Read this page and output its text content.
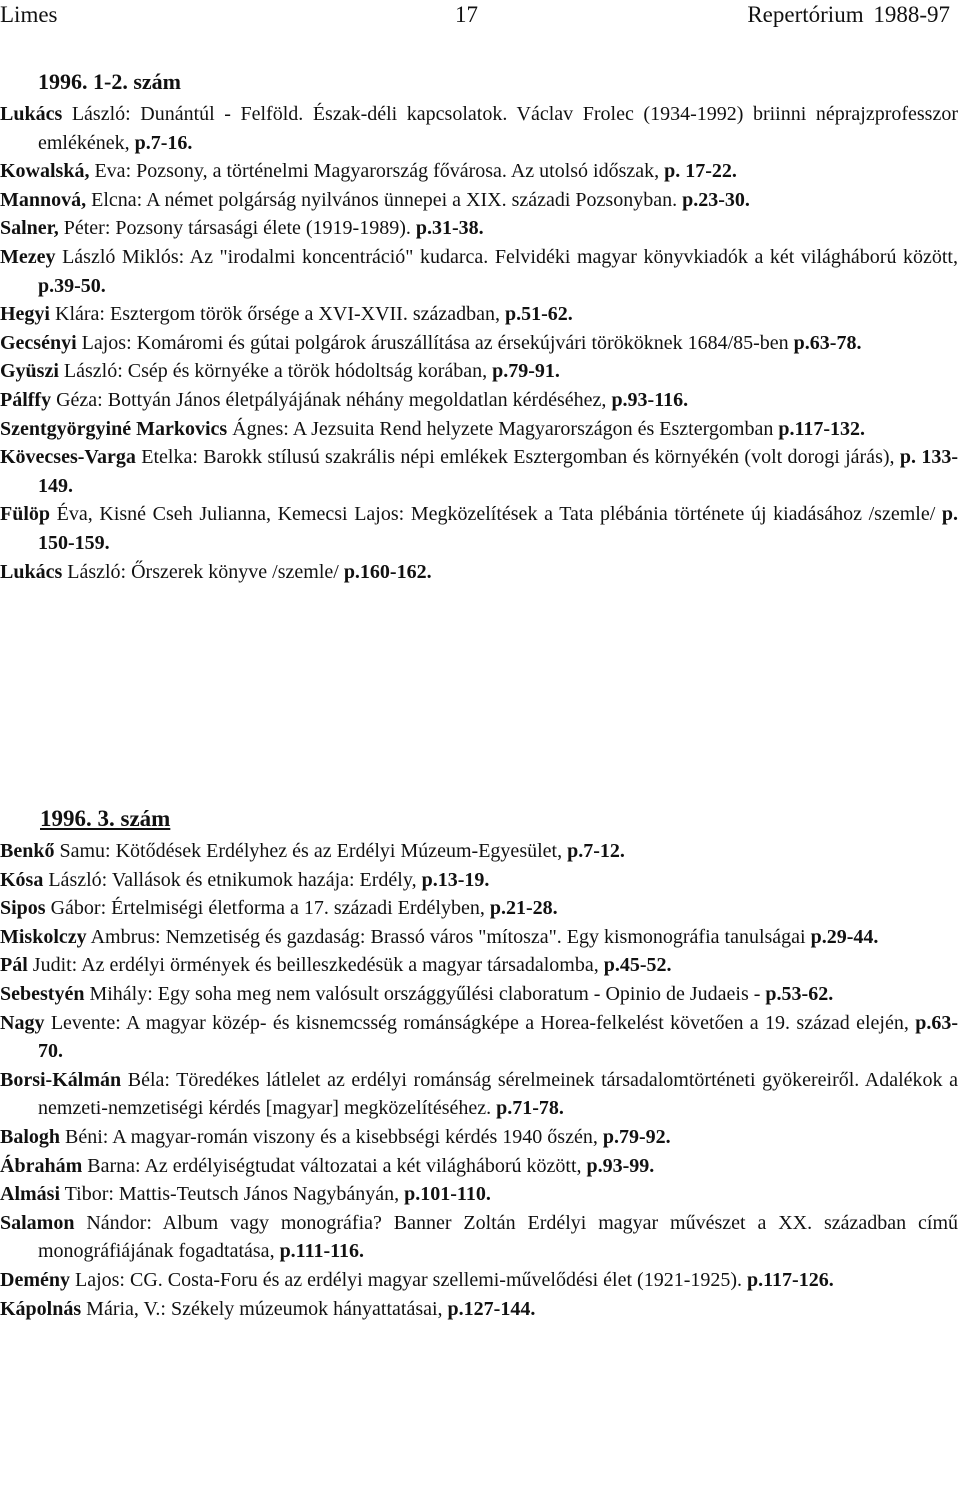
Limes	17	Repertórium 1988-97
1996. 1-2. szám

Lukács László: Dunántúl - Felföld. Észak-déli kapcsolatok. Václav Frolec (1934-1992) briinni néprajzprofesszor emlékének, p.7-16.

Kowalská, Eva: Pozsony, a történelmi Magyarország fővárosa. Az utolsó időszak, p. 17-22.

Mannová, Elcna: A német polgárság nyilvános ünnepei a XIX. századi Pozsonyban. p.23-30.

Salner, Péter: Pozsony társasági élete (1919-1989). p.31-38.

Mezey László Miklós: Az "irodalmi koncentráció" kudarca. Felvidéki magyar könyvkiadók a két világháború között, p.39-50.

Hegyi Klára: Esztergom török őrsége a XVI-XVII. században, p.51-62.

Gecsényi Lajos: Komáromi és gútai polgárok áruszállítása az érsekújvári törököknek 1684/85-ben p.63-78.

Gyüszi László: Csép és környéke a török hódoltság korában, p.79-91.

Pálffy Géza: Bottyán János életpályájának néhány megoldatlan kérdéséhez, p.93-116.

Szentgyörgyiné Markovics Ágnes: A Jezsuita Rend helyzete Magyarországon és Esztergomban p.117-132.

Kövecses-Varga Etelka: Barokk stílusú szakrális népi emlékek Esztergomban és környékén (volt dorogi járás), p. 133-149.

Fülöp Éva, Kisné Cseh Julianna, Kemecsi Lajos: Megközelítések a Tata plébánia története új kiadásához /szemle/ p. 150-159.

Lukács László: Őrszerek könyve /szemle/ p.160-162.

1996. 3. szám

Benkő Samu: Kötődések Erdélyhez és az Erdélyi Múzeum-Egyesület, p.7-12.

Kósa László: Vallások és etnikumok hazája: Erdély, p.13-19.

Sipos Gábor: Értelmiségi életforma a 17. századi Erdélyben, p.21-28.

Miskolczy Ambrus: Nemzetiség és gazdaság: Brassó város "mítosza". Egy kismonográfia tanulságai p.29-44.

Pál Judit: Az erdélyi örmények és beilleszkedésük a magyar társadalomba, p.45-52.

Sebestyén Mihály: Egy soha meg nem valósult országgyűlési claboratum - Opinio de Judaeis - p.53-62.

Nagy Levente: A magyar közép- és kisnemcsség románságképe a Horea-felkelést követően a 19. század elején, p.63-70.

Borsi-Kálmán Béla: Töredékes látlelet az erdélyi románság sérelmeinek társadalomtörténeti gyökereiről. Adalékok a nemzeti-nemzetiségi kérdés [magyar] megközelítéséhez. p.71-78.

Balogh Béni: A magyar-román viszony és a kisebbségi kérdés 1940 őszén, p.79-92.

Ábrahám Barna: Az erdélyiségtudat változatai a két világháború között, p.93-99.

Almási Tibor: Mattis-Teutsch János Nagybányán, p.101-110.

Salamon Nándor: Album vagy monográfia? Banner Zoltán Erdélyi magyar művészet a XX. században című monográfiájának fogadtatása, p.111-116.

Demény Lajos: CG. Costa-Foru és az erdélyi magyar szellemi-művelődési élet (1921-1925). p.117-126.

Kápolnás Mária, V.: Székely múzeumok hányattatásai, p.127-144.
